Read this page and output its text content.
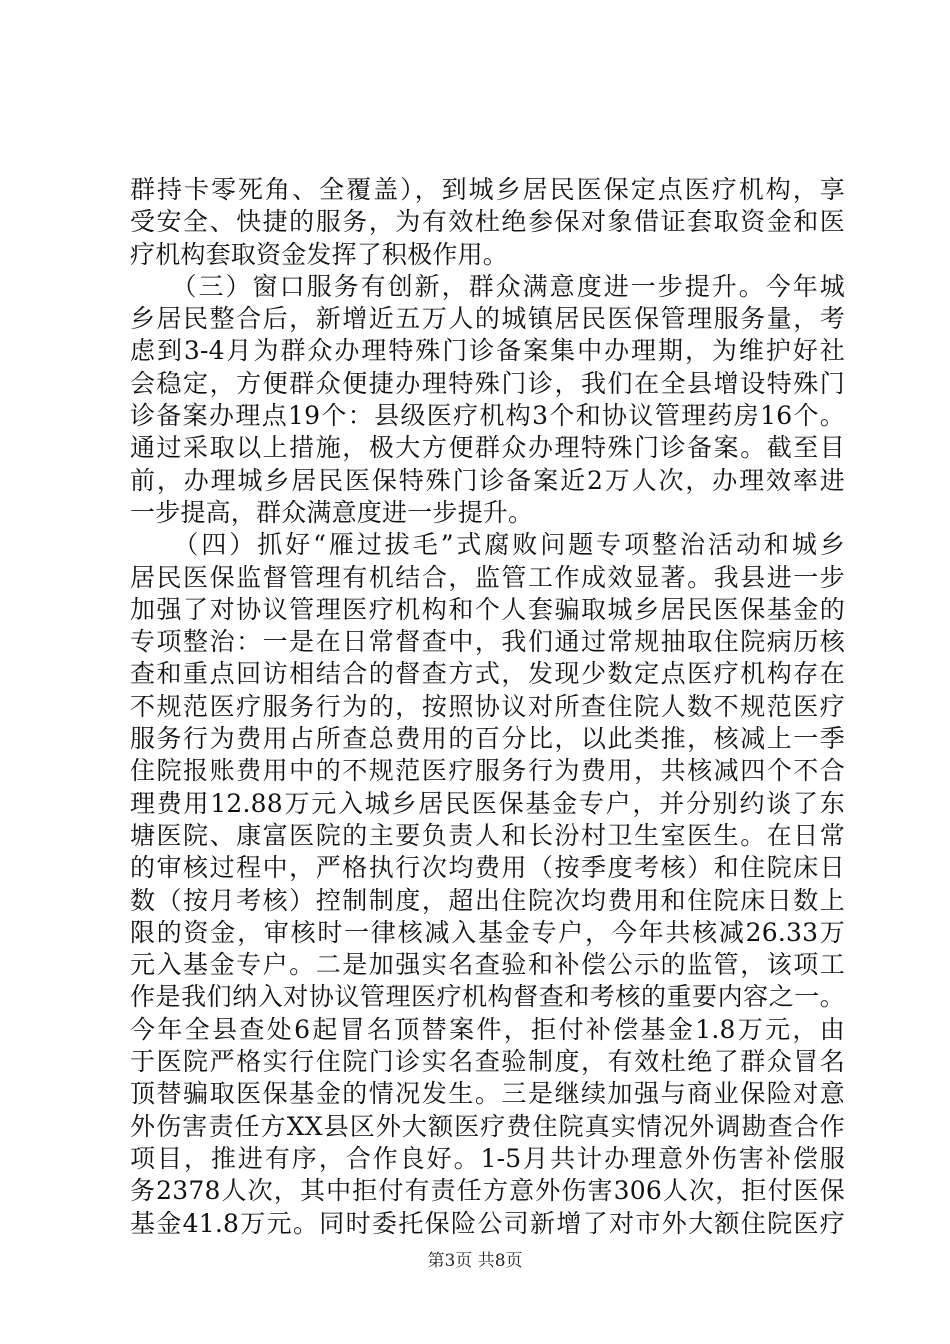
群持卡零死角、全覆盖），到城乡居民医保定点医疗机构，享
受安全、快捷的服务，为有效杜绝参保对象借证套取资金和医
疗机构套取资金发挥了积极作用。
　　（三）窗口服务有创新，群众满意度进一步提升。今年城
乡居民整合后，新增近五万人的城镇居民医保管理服务量，考
虑到3-4月为群众办理特殊门诊备案集中办理期，为维护好社
会稳定，方便群众便捷办理特殊门诊，我们在全县增设特殊门
诊备案办理点19个：县级医疗机构3个和协议管理药房16个。
通过采取以上措施，极大方便群众办理特殊门诊备案。截至目
前，办理城乡居民医保特殊门诊备案近2万人次，办理效率进
一步提高，群众满意度进一步提升。
　　（四）抓好“雁过拔毛”式腐败问题专项整治活动和城乡
居民医保监督管理有机结合，监管工作成效显著。我县进一步
加强了对协议管理医疗机构和个人套骗取城乡居民医保基金的
专项整治：一是在日常督查中，我们通过常规抽取住院病历核
查和重点回访相结合的督查方式，发现少数定点医疗机构存在
不规范医疗服务行为的，按照协议对所查住院人数不规范医疗
服务行为费用占所查总费用的百分比，以此类推，核减上一季
住院报账费用中的不规范医疗服务行为费用，共核减四个不合
理费用12.88万元入城乡居民医保基金专户，并分别约谈了东
塘医院、康富医院的主要负责人和长汾村卫生室医生。在日常
的审核过程中，严格执行次均费用（按季度考核）和住院床日
数（按月考核）控制制度，超出住院次均费用和住院床日数上
限的资金，审核时一律核减入基金专户，今年共核减26.33万
元入基金专户。二是加强实名查验和补偿公示的监管，该项工
作是我们纳入对协议管理医疗机构督查和考核的重要内容之一。
今年全县查处6起冒名顶替案件，拒付补偿基金1.8万元，由
于医院严格实行住院门诊实名查验制度，有效杜绝了群众冒名
顶替骗取医保基金的情况发生。三是继续加强与商业保险对意
外伤害责任方XX县区外大额医疗费住院真实情况外调勘查合作
项目，推进有序，合作良好。1-5月共计办理意外伤害补偿服
务2378人次，其中拒付有责任方意外伤害306人次，拒付医保
基金41.8万元。同时委托保险公司新增了对市外大额住院医疗
第3页 共8页
